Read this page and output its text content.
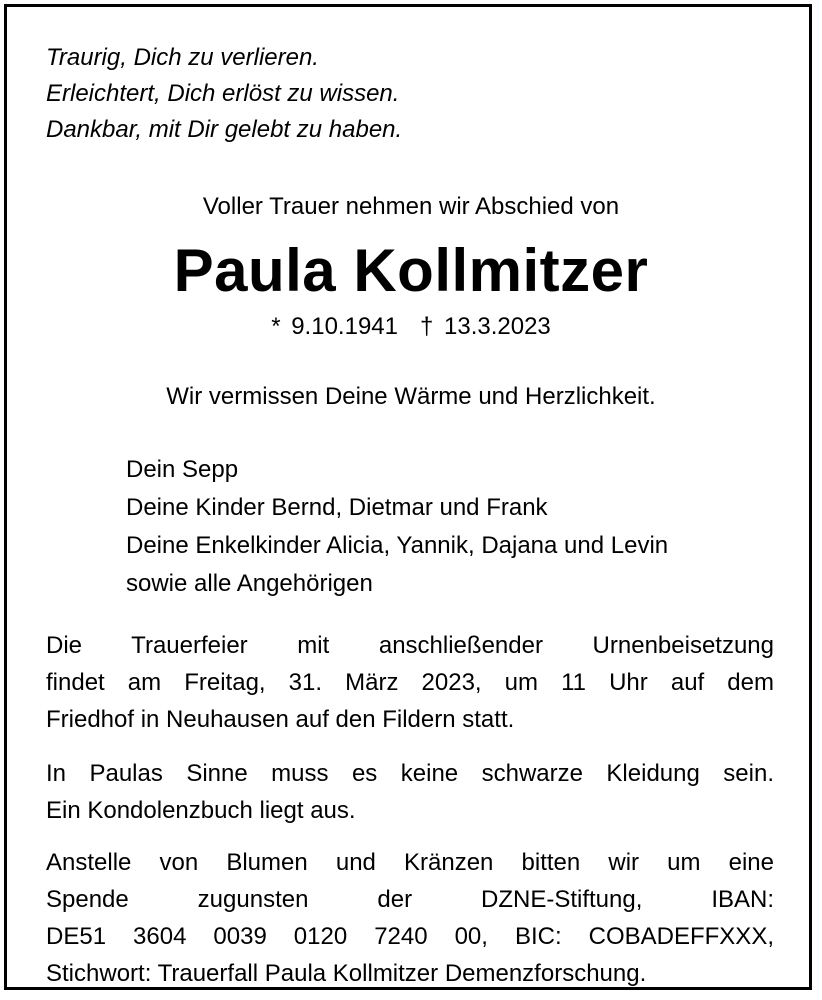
Traurig, Dich zu verlieren.
Erleichtert, Dich erlöst zu wissen.
Dankbar, mit Dir gelebt zu haben.

Voller Trauer nehmen wir Abschied von

Paula Kollmitzer

* 9.10.1941 † 13.3.2023

Wir vermissen Deine Wärme und Herzlichkeit.

Dein Sepp
Deine Kinder Bernd, Dietmar und Frank
Deine Enkelkinder Alicia, Yannik, Dajana und Levin
sowie alle Angehörigen
Die Trauerfeier mit anschließender Urnenbeisetzung
findet am Freitag, 31. März 2023, um 11 Uhr auf dem
Friedhof in Neuhausen auf den Fildern statt.
In Paulas Sinne muss es keine schwarze Kleidung sein.
Ein Kondolenzbuch liegt aus.
Anstelle von Blumen und Kränzen bitten wir um eine
Spende zugunsten der DZNE-Stiftung, IBAN:
DE51 3604 0039 0120 7240 00, BIC: COBADEFFXXX,
Stichwort: Trauerfall Paula Kollmitzer Demenzforschung.
